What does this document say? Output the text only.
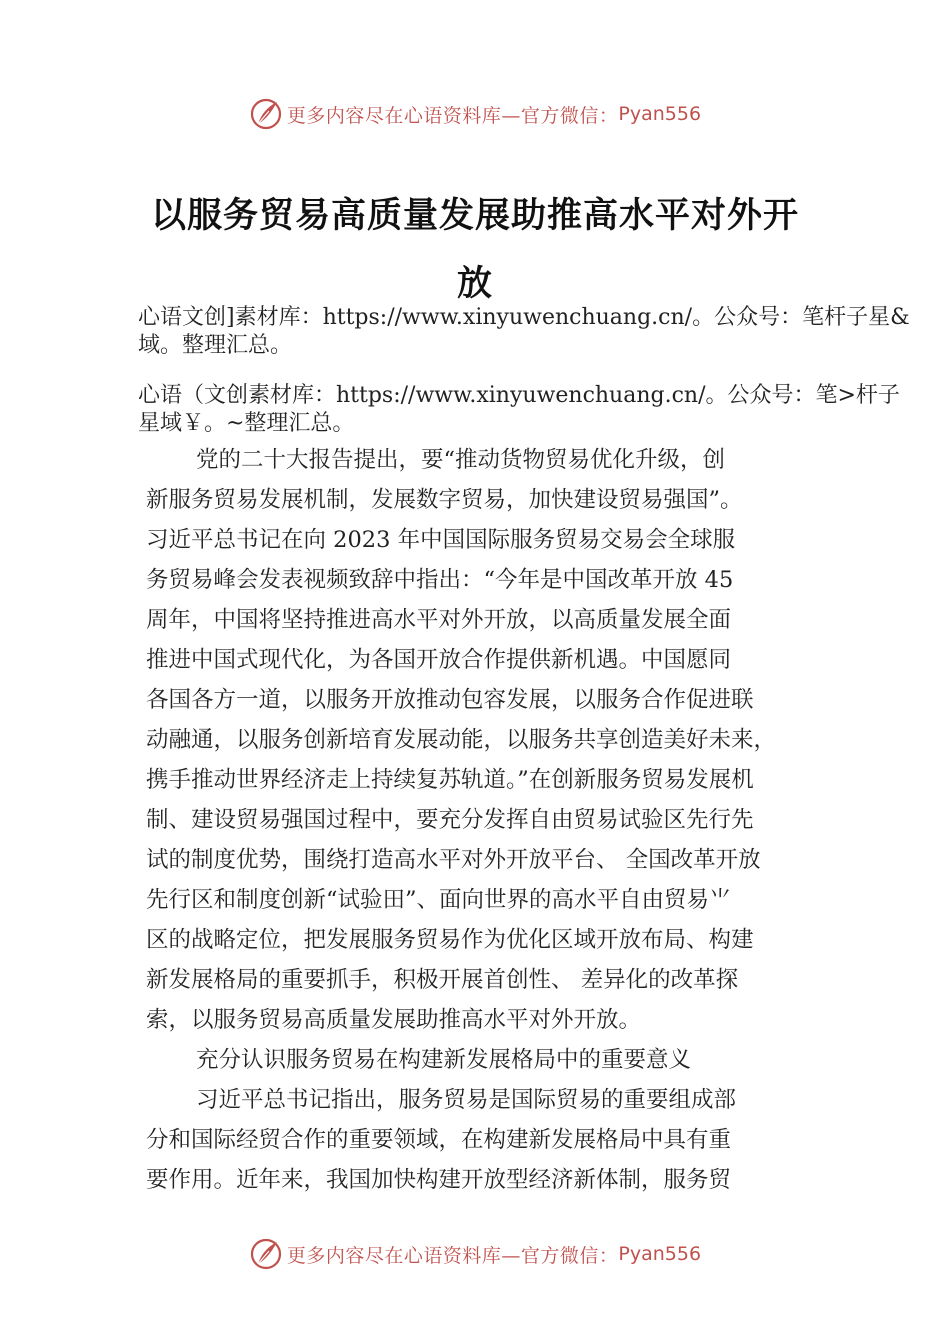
更多内容尽在心语资料库—官方微信： Pyan556
以服务贸易高质量发展助推高水平对外开
放

心语文创]素材库：https://www.xinyuwenchuang.cn/。公众号：笔杆子星&域。整理汇总。

心语（文创素材库：https://www.xinyuwenchuang.cn/。公众号：笔>杆子星域￥。~整理汇总。

党的二十大报告提出，要“推动货物贸易优化升级，创
新服务贸易发展机制，发展数字贸易，加快建设贸易强国”。
习近平总书记在向 2023 年中国国际服务贸易交易会全球服
务贸易峰会发表视频致辞中指出：“今年是中国改革开放 45
周年，中国将坚持推进高水平对外开放，以高质量发展全面
推进中国式现代化，为各国开放合作提供新机遇。中国愿同
各国各方一道，以服务开放推动包容发展，以服务合作促进联
动融通，以服务创新培育发展动能，以服务共享创造美好未来，
携手推动世界经济走上持续复苏轨道。”在创新服务贸易发展机
制、建设贸易强国过程中，要充分发挥自由贸易试验区先行先
试的制度优势，围绕打造高水平对外开放平台、 全国改革开放
先行区和制度创新“试验田”、面向世界的高水平自由贸易⺌
区的战略定位，把发展服务贸易作为优化区域开放布局、构建
新发展格局的重要抓手，积极开展首创性、 差异化的改革探
索，以服务贸易高质量发展助推高水平对外开放。
充分认识服务贸易在构建新发展格局中的重要意义
习近平总书记指出，服务贸易是国际贸易的重要组成部
分和国际经贸合作的重要领域，在构建新发展格局中具有重
要作用。近年来，我国加快构建开放型经济新体制，服务贸
更多内容尽在心语资料库—官方微信： Pyan556
